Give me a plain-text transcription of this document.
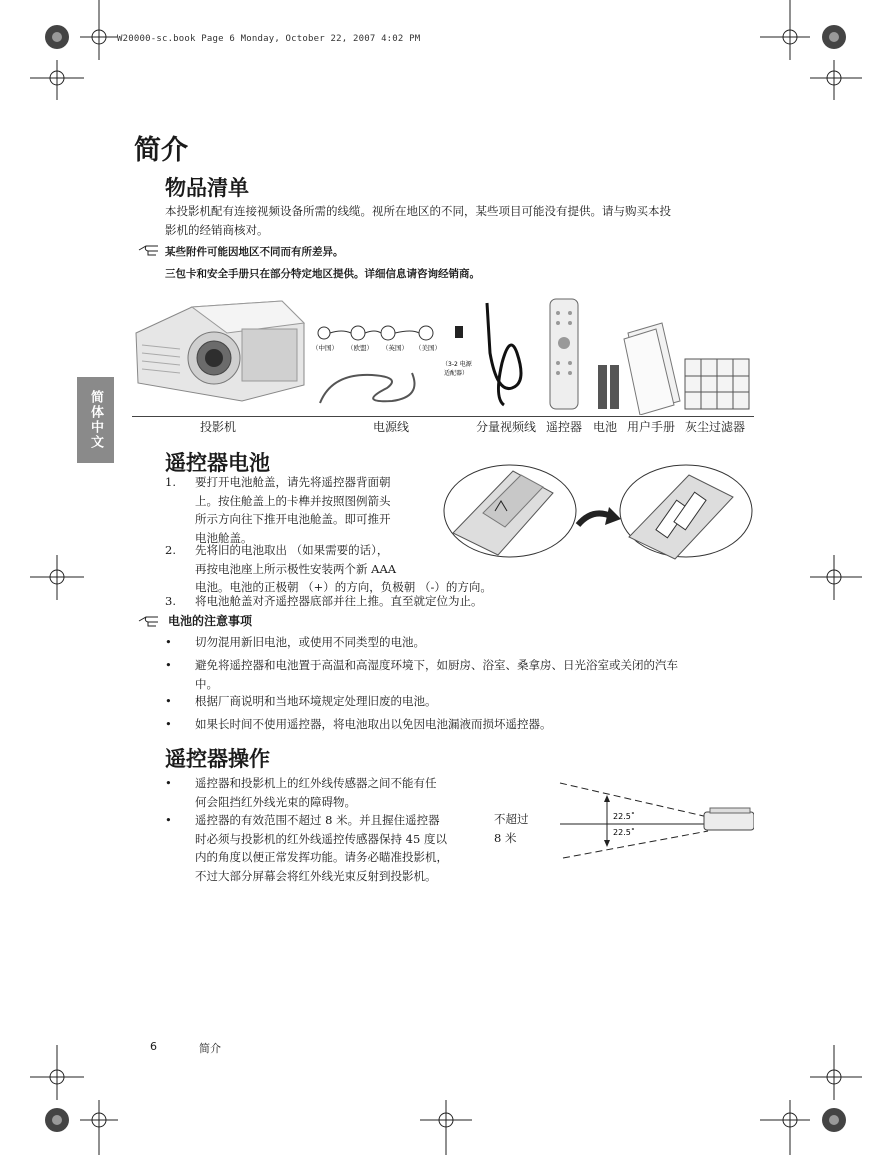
W20000-sc.book Page 6 Monday, October 22, 2007 4:02 PM
简体中文
简介
物品清单
本投影机配有连接视频设备所需的线缆。视所在地区的不同，某些项目可能没有提供。请与购买本投
影机的经销商核对。
某些附件可能因地区不同而有所差异。
三包卡和安全手册只在部分特定地区提供。详细信息请咨询经销商。
（中国） （欧盟） （英国） （美国）
（3-2 电源
适配器）
投影机	电源线	分量视频线 遥控器 电池 用户手册 灰尘过滤器
遥控器电池
1. 要打开电池舱盖，请先将遥控器背面朝
上。按住舱盖上的卡榫并按照图例箭头
所示方向往下推开电池舱盖。即可推开
电池舱盖。
2. 先将旧的电池取出 （如果需要的话），
再按电池座上所示极性安装两个新 AAA
电池。电池的正极朝 （+）的方向，负极朝 （-）的方向。
3. 将电池舱盖对齐遥控器底部并往上推。直至就定位为止。
电池的注意事项
• 切勿混用新旧电池，或使用不同类型的电池。
• 避免将遥控器和电池置于高温和高湿度环境下，如厨房、浴室、桑拿房、日光浴室或关闭的汽车
中。
• 根据厂商说明和当地环境规定处理旧废的电池。
• 如果长时间不使用遥控器，将电池取出以免因电池漏液而损坏遥控器。
遥控器操作
• 遥控器和投影机上的红外线传感器之间不能有任
何会阻挡红外线光束的障碍物。
• 遥控器的有效范围不超过 8 米。并且握住遥控器
时必须与投影机的红外线遥控传感器保持 45 度以
内的角度以便正常发挥功能。请务必瞄准投影机，
不过大部分屏幕会将红外线光束反射到投影机。
不超过
8 米
22.5˚
22.5˚
6	简介
